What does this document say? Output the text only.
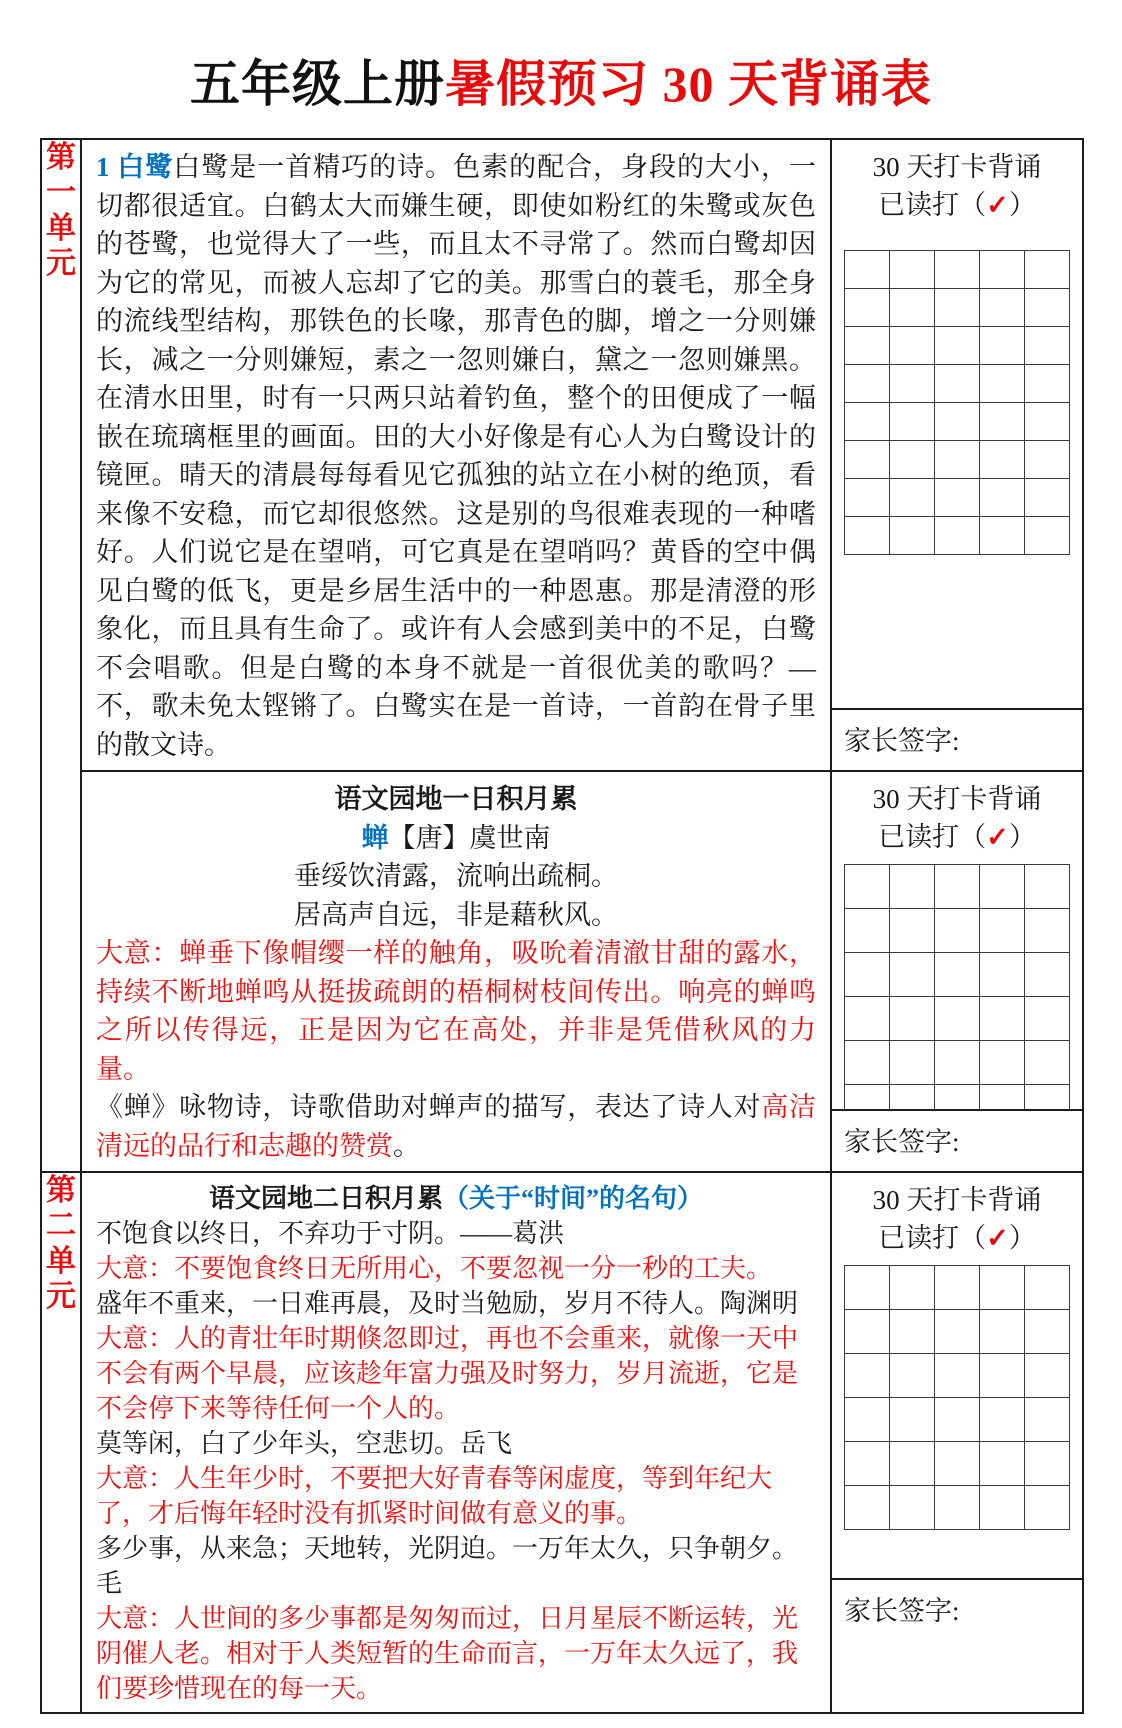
五年级上册暑假预习 30 天背诵表
第一单元

1 白鹭白鹭是一首精巧的诗。色素的配合，身段的大小，一切都很适宜。白鹤太大而嫌生硬，即使如粉红的朱鹭或灰色的苍鹭，也觉得大了一些，而且太不寻常了。然而白鹭却因为它的常见，而被人忘却了它的美。那雪白的蓑毛，那全身的流线型结构，那铁色的长喙，那青色的脚，增之一分则嫌长，减之一分则嫌短，素之一忽则嫌白，黛之一忽则嫌黑。在清水田里，时有一只两只站着钓鱼，整个的田便成了一幅嵌在琉璃框里的画面。田的大小好像是有心人为白鹭设计的镜匣。晴天的清晨每每看见它孤独的站立在小树的绝顶，看来像不安稳，而它却很悠然。这是别的鸟很难表现的一种嗜好。人们说它是在望哨，可它真是在望哨吗？黄昏的空中偶见白鹭的低飞，更是乡居生活中的一种恩惠。那是清澄的形象化，而且具有生命了。或许有人会感到美中的不足，白鹭不会唱歌。但是白鹭的本身不就是一首很优美的歌吗？—不，歌未免太铿锵了。白鹭实在是一首诗，一首韵在骨子里的散文诗。

30 天打卡背诵
已读打（✓）

家长签字:

语文园地一日积月累
蝉【唐】虞世南
垂绥饮清露，流响出疏桐。
居高声自远，非是藉秋风。
大意：蝉垂下像帽缨一样的触角，吸吮着清澈甘甜的露水，持续不断地蝉鸣从挺拔疏朗的梧桐树枝间传出。响亮的蝉鸣之所以传得远，正是因为它在高处，并非是凭借秋风的力量。
《蝉》咏物诗，诗歌借助对蝉声的描写，表达了诗人对高洁清远的品行和志趣的赞赏。

30 天打卡背诵
已读打（✓）

家长签字:

第二单元

语文园地二日积月累（关于“时间”的名句）
不饱食以终日，不弃功于寸阴。——葛洪
大意：不要饱食终日无所用心，不要忽视一分一秒的工夫。
盛年不重来，一日难再晨，及时当勉励，岁月不待人。陶渊明
大意：人的青壮年时期倏忽即过，再也不会重来，就像一天中不会有两个早晨，应该趁年富力强及时努力，岁月流逝，它是不会停下来等待任何一个人的。
莫等闲，白了少年头，空悲切。岳飞
大意：人生年少时，不要把大好青春等闲虚度，等到年纪大了，才后悔年轻时没有抓紧时间做有意义的事。
多少事，从来急；天地转，光阴迫。一万年太久，只争朝夕。毛
大意：人世间的多少事都是匆匆而过，日月星辰不断运转，光阴催人老。相对于人类短暂的生命而言，一万年太久远了，我们要珍惜现在的每一天。

30 天打卡背诵
已读打（✓）

家长签字:
